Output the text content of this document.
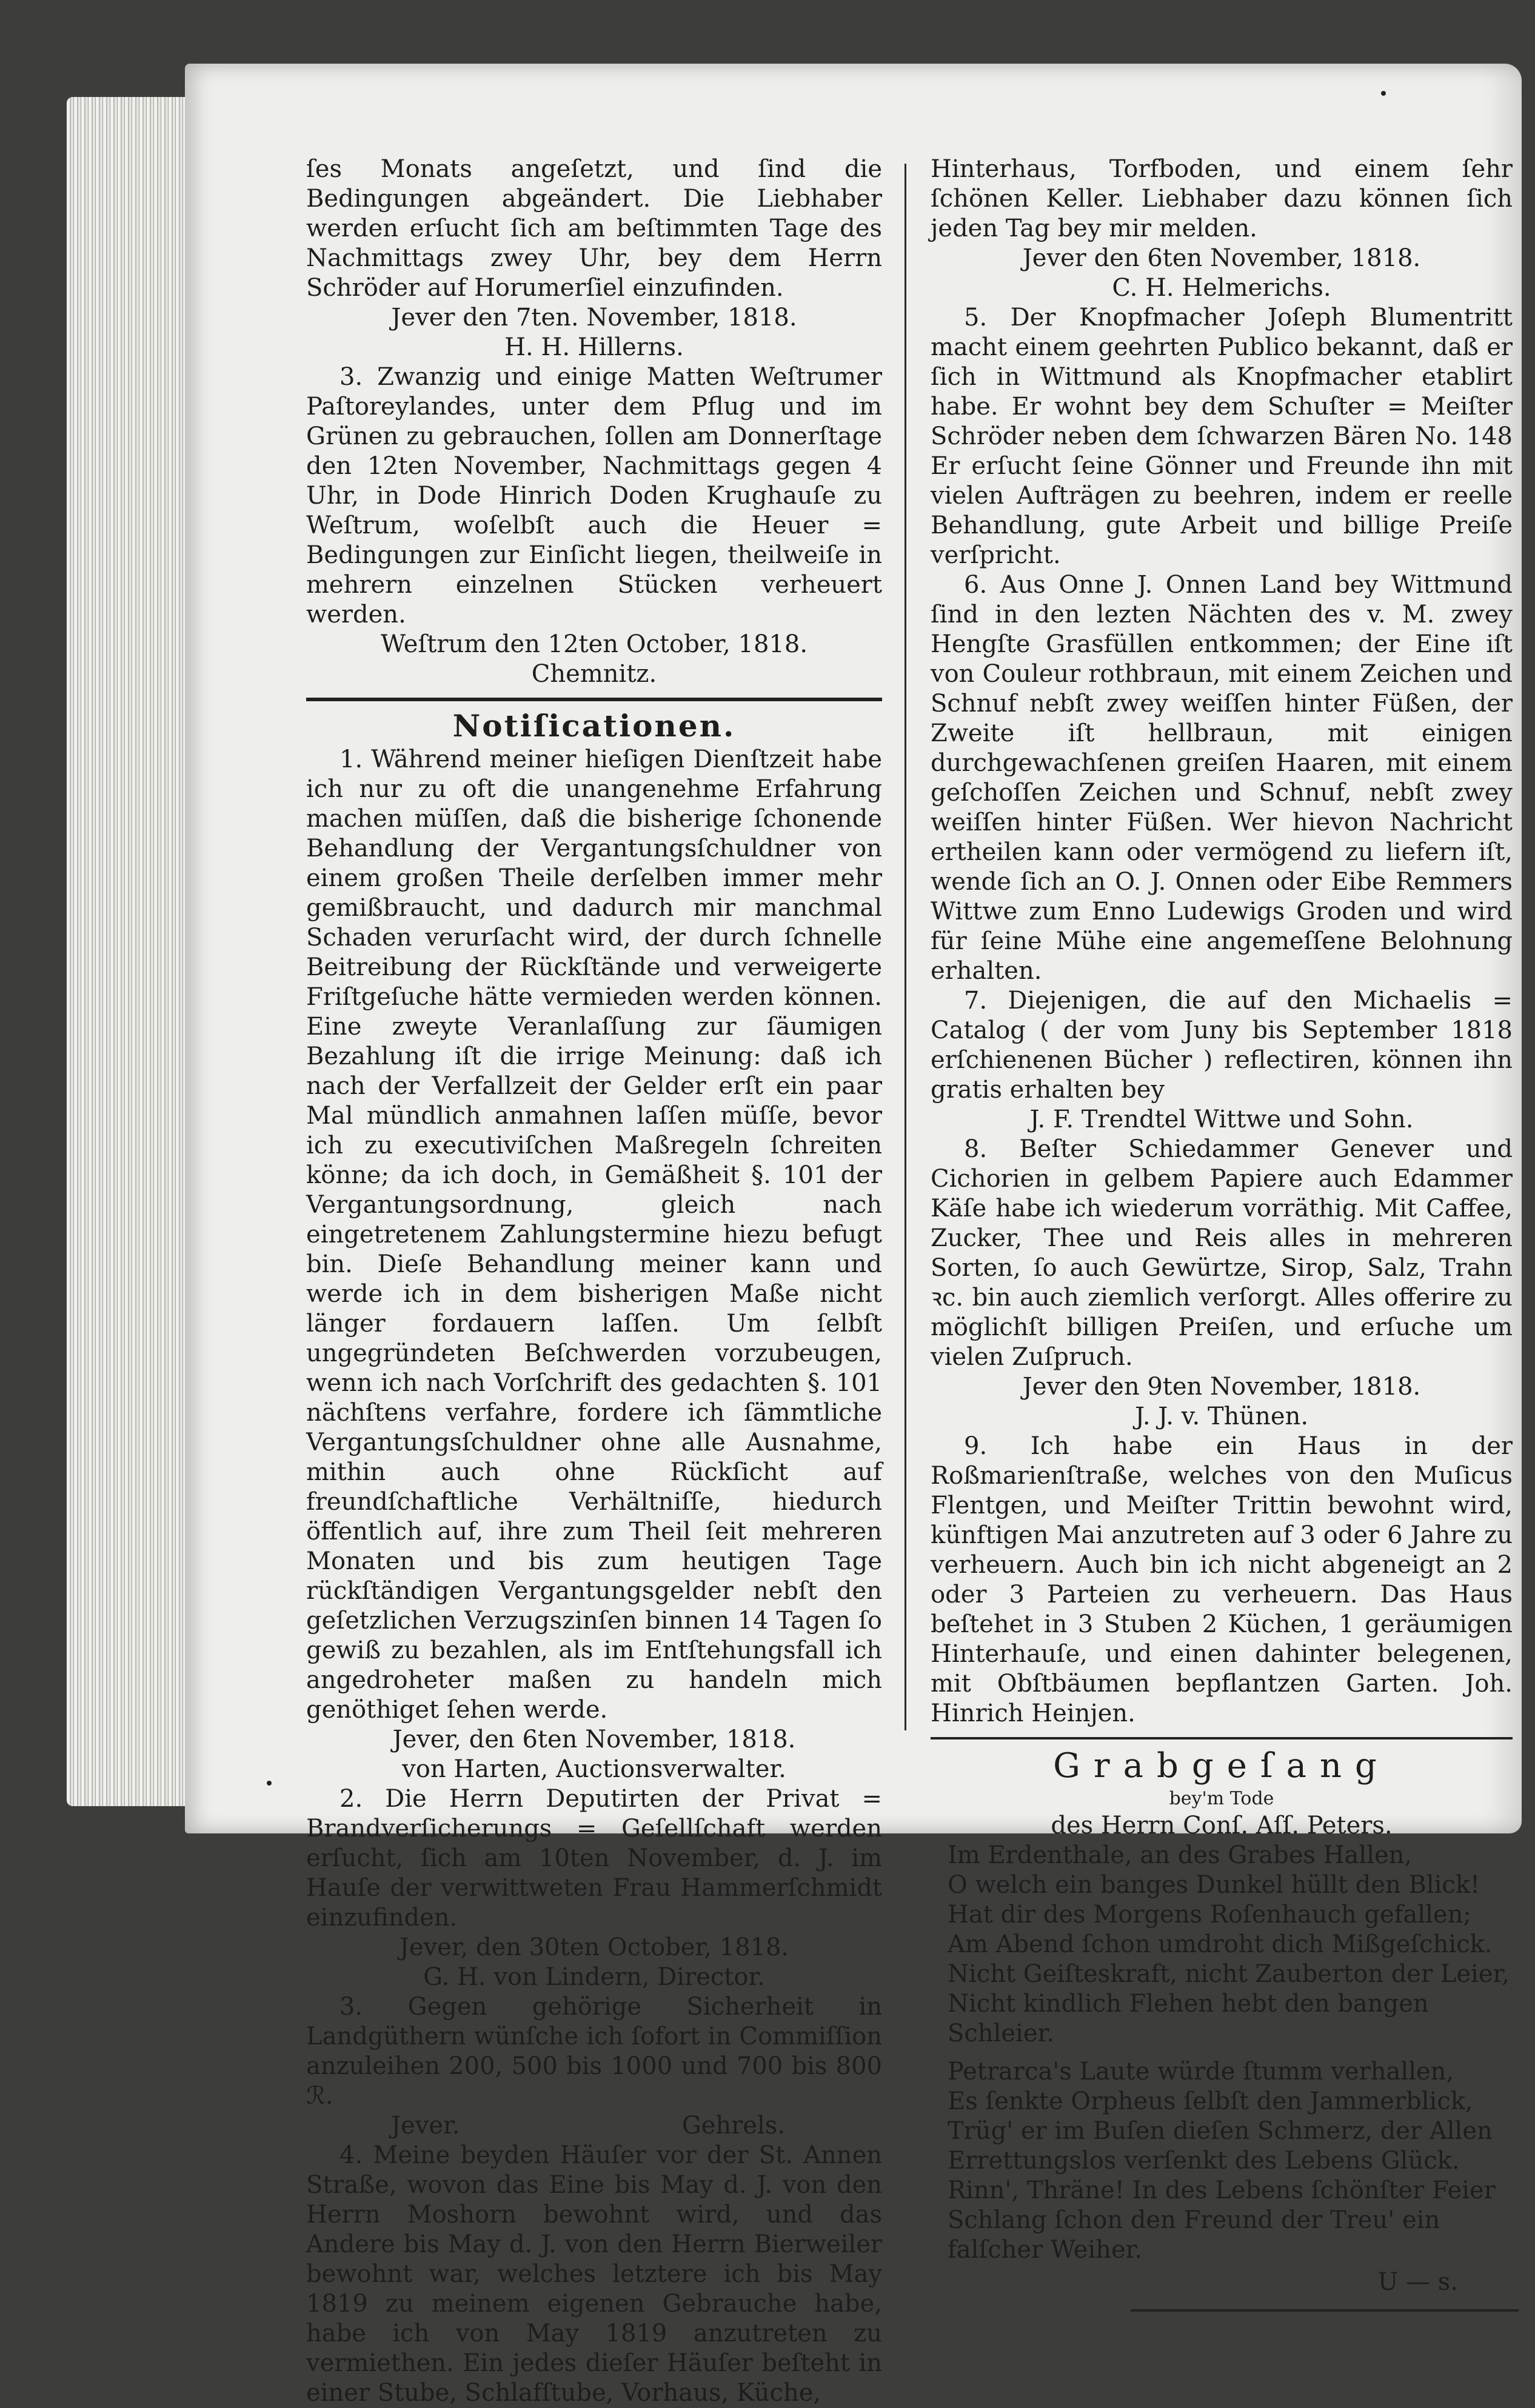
ſes Monats angeſetzt, und ſind die Bedingungen abgeändert. Die Liebhaber werden erſucht ſich am beſtimmten Tage des Nachmittags zwey Uhr, bey dem Herrn Schröder auf Horumerſiel einzufinden.

Jever den 7ten. November, 1818.

H. H. Hillerns.

3. Zwanzig und einige Matten Weſtrumer Paſtoreylandes, unter dem Pflug und im Grünen zu gebrauchen, ſollen am Donnerſtage den 12ten November, Nachmittags gegen 4 Uhr, in Dode Hinrich Doden Krughauſe zu Weſtrum, woſelbſt auch die Heuer = Bedingungen zur Einſicht liegen, theilweiſe in mehrern einzelnen Stücken verheuert werden.

Weſtrum den 12ten October, 1818.

Chemnitz.

Notiſicationen.

1. Während meiner hieſigen Dienſtzeit habe ich nur zu oft die unangenehme Erfahrung machen müſſen, daß die bisherige ſchonende Behandlung der Vergantungsſchuldner von einem großen Theile derſelben immer mehr gemißbraucht, und dadurch mir manchmal Schaden verurſacht wird, der durch ſchnelle Beitreibung der Rückſtände und verweigerte Friſtgeſuche hätte vermieden werden können. Eine zweyte Veranlaſſung zur ſäumigen Bezahlung iſt die irrige Meinung: daß ich nach der Verfallzeit der Gelder erſt ein paar Mal mündlich anmahnen laſſen müſſe, bevor ich zu executiviſchen Maßregeln ſchreiten könne; da ich doch, in Gemäßheit §. 101 der Vergantungsordnung, gleich nach eingetretenem Zahlungstermine hiezu befugt bin. Dieſe Behandlung meiner kann und werde ich in dem bisherigen Maße nicht länger fordauern laſſen. Um ſelbſt ungegründeten Beſchwerden vorzubeugen, wenn ich nach Vorſchrift des gedachten §. 101 nächſtens verfahre, fordere ich ſämmtliche Vergantungsſchuldner ohne alle Ausnahme, mithin auch ohne Rückſicht auf freundſchaftliche Verhältniſſe, hiedurch öffentlich auf, ihre zum Theil ſeit mehreren Monaten und bis zum heutigen Tage rückſtändigen Vergantungsgelder nebſt den geſetzlichen Verzugszinſen binnen 14 Tagen ſo gewiß zu bezahlen, als im Entſtehungsfall ich angedroheter maßen zu handeln mich genöthiget ſehen werde.

Jever, den 6ten November, 1818.

von Harten, Auctionsverwalter.

2. Die Herrn Deputirten der Privat = Brandverſicherungs = Geſellſchaft werden erſucht, ſich am 10ten November, d. J. im Hauſe der verwittweten Frau Hammerſchmidt einzufinden.

Jever, den 30ten October, 1818.

G. H. von Lindern, Director.

3. Gegen gehörige Sicherheit in Landgüthern wünſche ich ſofort in Commiſſion anzuleihen 200, 500 bis 1000 und 700 bis 800 ℛ.

Jever.	Gehrels.

4. Meine beyden Häuſer vor der St. Annen Straße, wovon das Eine bis May d. J. von den Herrn Moshorn bewohnt wird, und das Andere bis May d. J. von den Herrn Bierweiler bewohnt war, welches letztere ich bis May 1819 zu meinem eigenen Gebrauche habe, habe ich von May 1819 anzutreten zu vermiethen. Ein jedes dieſer Häuſer beſteht in einer Stube, Schlafſtube, Vorhaus, Küche,

Hinterhaus, Torfboden, und einem ſehr ſchönen Keller. Liebhaber dazu können ſich jeden Tag bey mir melden.

Jever den 6ten November, 1818.

C. H. Helmerichs.

5. Der Knopfmacher Joſeph Blumentritt macht einem geehrten Publico bekannt, daß er ſich in Wittmund als Knopfmacher etablirt habe. Er wohnt bey dem Schuſter = Meiſter Schröder neben dem ſchwarzen Bären No. 148 Er erſucht ſeine Gönner und Freunde ihn mit vielen Aufträgen zu beehren, indem er reelle Behandlung, gute Arbeit und billige Preiſe verſpricht.

6. Aus Onne J. Onnen Land bey Wittmund ſind in den lezten Nächten des v. M. zwey Hengſte Grasfüllen entkommen; der Eine iſt von Couleur rothbraun, mit einem Zeichen und Schnuf nebſt zwey weiſſen hinter Füßen, der Zweite iſt hellbraun, mit einigen durchgewachſenen greiſen Haaren, mit einem geſchoſſen Zeichen und Schnuf, nebſt zwey weiſſen hinter Füßen. Wer hievon Nachricht ertheilen kann oder vermögend zu liefern iſt, wende ſich an O. J. Onnen oder Eibe Remmers Wittwe zum Enno Ludewigs Groden und wird für ſeine Mühe eine angemeſſene Belohnung erhalten.

7. Diejenigen, die auf den Michaelis = Catalog ( der vom Juny bis September 1818 erſchienenen Bücher ) reflectiren, können ihn gratis erhalten bey

J. F. Trendtel Wittwe und Sohn.

8. Beſter Schiedammer Genever und Cichorien in gelbem Papiere auch Edammer Käſe habe ich wiederum vorräthig. Mit Caffee, Zucker, Thee und Reis alles in mehreren Sorten, ſo auch Gewürtze, Sirop, Salz, Trahn ꝛc. bin auch ziemlich verſorgt. Alles offerire zu möglichſt billigen Preiſen, und erſuche um vielen Zuſpruch.

Jever den 9ten November, 1818.

J. J. v. Thünen.

9. Ich habe ein Haus in der Roßmarienſtraße, welches von den Muſicus Flentgen, und Meiſter Trittin bewohnt wird, künftigen Mai anzutreten auf 3 oder 6 Jahre zu verheuern. Auch bin ich nicht abgeneigt an 2 oder 3 Parteien zu verheuern. Das Haus beſtehet in 3 Stuben 2 Küchen, 1 geräumigen Hinterhauſe, und einen dahinter belegenen, mit Obſtbäumen bepflantzen Garten. Joh. Hinrich Heinjen.

Grabgeſang

bey'm Tode

des Herrn Conſ. Aſſ. Peters.

Im Erdenthale, an des Grabes Hallen,

O welch ein banges Dunkel hüllt den Blick!

Hat dir des Morgens Roſenhauch gefallen;

Am Abend ſchon umdroht dich Mißgeſchick.

Nicht Geiſteskraft, nicht Zauberton der Leier,

Nicht kindlich Flehen hebt den bangen Schleier.

Petrarca's Laute würde ſtumm verhallen,

Es ſenkte Orpheus ſelbſt den Jammerblick,

Trüg' er im Buſen dieſen Schmerz, der Allen

Errettungslos verſenkt des Lebens Glück.

Rinn', Thräne! In des Lebens ſchönſter Feier

Schlang ſchon den Freund der Treu' ein falſcher Weiher.

U — s.
